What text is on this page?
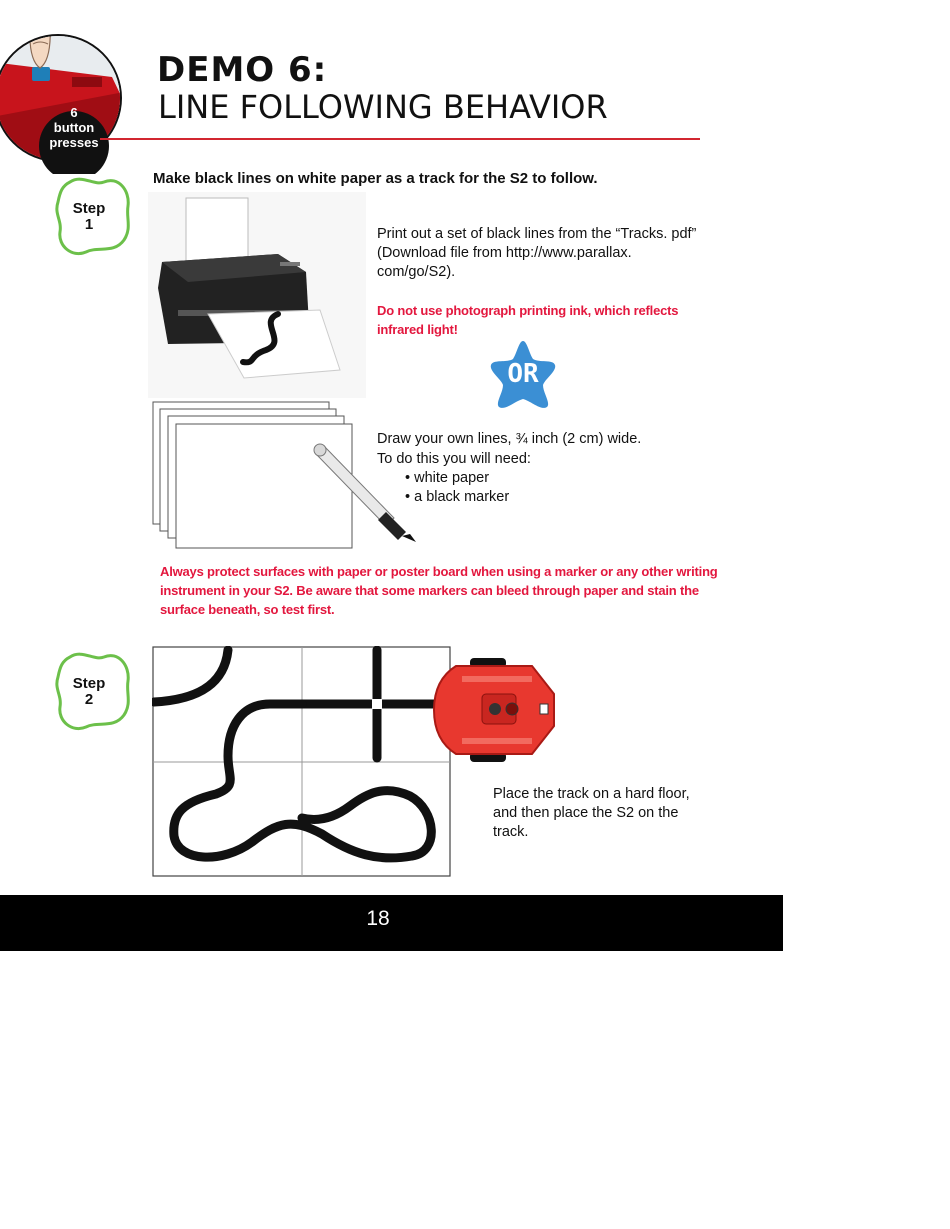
6
button
presses
DEMO 6:
LINE FOLLOWING BEHAVIOR
Step
1
Make black lines on white paper as a track for the S2 to follow.
Print out a set of black lines from the “Tracks. pdf” (Download file from http://www.parallax. com/go/S2).
Do not use photograph printing ink, which reflects infrared light!
OR
Draw your own lines, ¾ inch (2 cm) wide.
To do this you will need:
• white paper
• a black marker
Always protect surfaces with paper or poster board when using a marker or any other writing instrument in your S2. Be aware that some markers can bleed through paper and stain the surface beneath, so test first.
Step
2
Place the track on a hard floor, and then place the S2 on the track.
18
